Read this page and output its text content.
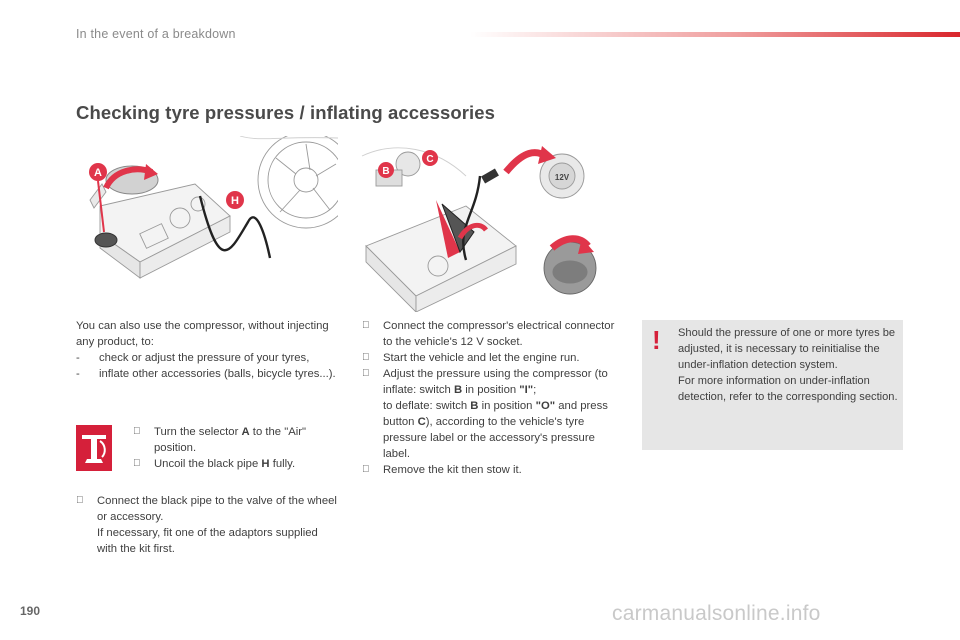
In the event of a breakdown
Checking tyre pressures / inflating accessories
A
H
B
C
12V

You can also use the compressor, without injecting any product, to:

- check or adjust the pressure of your tyres,

- inflate other accessories (balls, bicycle tyres...).

Turn the selector A to the "Air" position.

Uncoil the black pipe H fully.

Connect the black pipe to the valve of the wheel or accessory.
If necessary, fit one of the adaptors supplied with the kit first.

Connect the compressor's electrical connector to the vehicle's 12 V socket.

Start the vehicle and let the engine run.

Adjust the pressure using the compressor (to inflate: switch B in position "I";
to deflate: switch B in position "O" and press button C), according to the vehicle's tyre pressure label or the accessory's pressure label.

Remove the kit then stow it.

! Should the pressure of one or more tyres be adjusted, it is necessary to reinitialise the under-inflation detection system.
For more information on under-inflation detection, refer to the corresponding section.
190	carmanualsonline.info
